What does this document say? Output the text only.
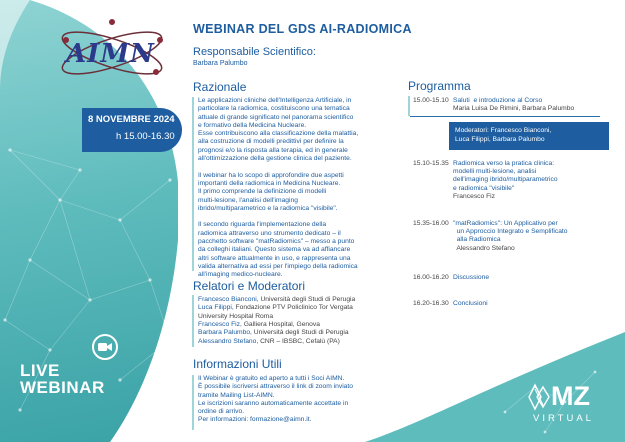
AIMN
8 NOVEMBRE 2024
h 15.00-16.30
LIVE
WEBINAR	MZ
VIRTUAL
WEBINAR DEL GDS AI-RADIOMICA
Responsabile Scientifico:
Barbara Palumbo
Razionale
Le applicazioni cliniche dell'Intelligenza Artificiale, in
particolare la radiomica, costituiscono una tematica
attuale di grande significato nel panorama scientifico
e formativo della Medicina Nucleare.
Esse contribuiscono alla classificazione della malattia,
alla costruzione di modelli predittivi per definire la
prognosi e/o la risposta alla terapia, ed in generale
all'ottimizzazione della gestione clinica del paziente.
Il webinar ha lo scopo di approfondire due aspetti
importanti della radiomica in Medicina Nucleare.
Il primo comprende la definizione di modelli
multi-lesione, l'analisi dell'imaging
ibrido/multiparametrico e la radiomica "visibile".
Il secondo riguarda l'implementazione della
radiomica attraverso uno strumento dedicato – il
pacchetto software "matRadiomics" – messo a punto
da colleghi italiani. Questo sistema va ad affiancare
altri software attualmente in uso, e rappresenta una
valida alternativa ad essi per l'impiego della radiomica
all'imaging medico-nucleare.
Relatori e Moderatori
Francesco Bianconi, Università degli Studi di Perugia
Luca Filippi, Fondazione PTV Policlinico Tor Vergata
University Hospital Roma
Francesco Fiz, Galliera Hospital, Genova
Barbara Palumbo, Università degli Studi di Perugia
Alessandro Stefano, CNR – IBSBC, Cefalù (PA)
Informazioni Utili
Il Webinar è gratuito ed aperto a tutti i Soci AIMN.
È possibile iscriversi attraverso il link di zoom inviato
tramite Mailing List-AIMN.
Le iscrizioni saranno automaticamente accettate in
ordine di arrivo.
Per informazioni: formazione@aimn.it.
Programma
Moderatori: Francesco Bianconi,
Luca Filippi, Barbara Palumbo
15.00-15.10 Saluti  e introduzione al Corso
Maria Luisa De Rimini, Barbara Palumbo
15.10-15.35 Radiomica verso la pratica clinica:
modelli multi-lesione, analisi
dell'imaging ibrido/multiparametrico
e radiomica "visibile"
Francesco Fiz
15.35-16.00 "matRadiomics": Un Applicativo per
un Approccio Integrato e Semplificato
alla Radiomica
Alessandro Stefano
16.00-16.20 Discussione
16.20-16.30 Conclusioni
